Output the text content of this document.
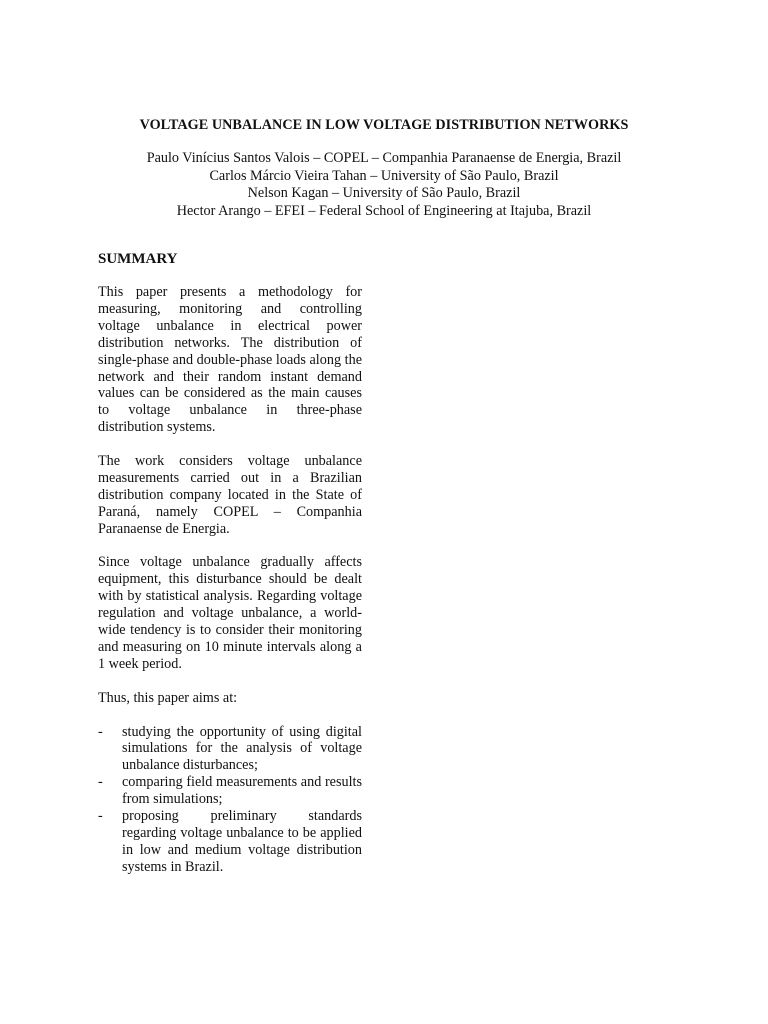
VOLTAGE UNBALANCE IN LOW VOLTAGE DISTRIBUTION NETWORKS
Paulo Vinícius Santos Valois – COPEL – Companhia Paranaense de Energia, Brazil
Carlos Márcio Vieira Tahan – University of São Paulo, Brazil
Nelson Kagan – University of São Paulo, Brazil
Hector Arango – EFEI – Federal School of Engineering at Itajuba, Brazil
SUMMARY

This paper presents a methodology for measuring, monitoring and controlling voltage unbalance in electrical power distribution networks. The distribution of single-phase and double-phase loads along the network and their random instant demand values can be considered as the main causes to voltage unbalance in three-phase distribution systems.

The work considers voltage unbalance measurements carried out in a Brazilian distribution company located in the State of Paraná, namely COPEL – Companhia Paranaense de Energia.

Since voltage unbalance gradually affects equipment, this disturbance should be dealt with by statistical analysis. Regarding voltage regulation and voltage unbalance, a world-wide tendency is to consider their monitoring and measuring on 10 minute intervals along a 1 week period.

Thus, this paper aims at:

- studying the opportunity of using digital simulations for the analysis of voltage unbalance disturbances;
- comparing field measurements and results from simulations;
- proposing preliminary standards regarding voltage unbalance to be applied in low and medium voltage distribution systems in Brazil.
